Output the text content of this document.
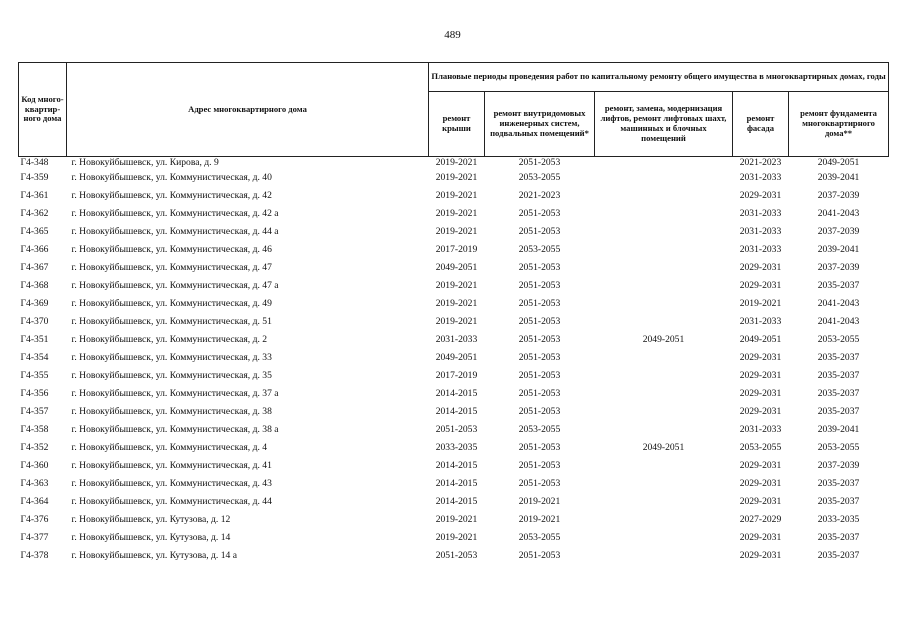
489
Код много-квартир-ного дома	Адрес многоквартирного дома	Плановые периоды проведения работ по капитальному ремонту общего имущества в многоквартирных домах, годы				
		ремонт крыши	ремонт внутридомовых инженерных систем, подвальных помещений*	ремонт, замена, модернизация лифтов, ремонт лифтовых шахт, машинных и блочных помещений	ремонт фасада	ремонт фундамента многоквартирного дома**
Г4-348	г. Новокуйбышевск, ул. Кирова, д. 9	2019-2021	2051-2053		2021-2023	2049-2051
Г4-359	г. Новокуйбышевск, ул. Коммунистическая, д. 40	2019-2021	2053-2055		2031-2033	2039-2041
Г4-361	г. Новокуйбышевск, ул. Коммунистическая, д. 42	2019-2021	2021-2023		2029-2031	2037-2039
Г4-362	г. Новокуйбышевск, ул. Коммунистическая, д. 42 а	2019-2021	2051-2053		2031-2033	2041-2043
Г4-365	г. Новокуйбышевск, ул. Коммунистическая, д. 44 а	2019-2021	2051-2053		2031-2033	2037-2039
Г4-366	г. Новокуйбышевск, ул. Коммунистическая, д. 46	2017-2019	2053-2055		2031-2033	2039-2041
Г4-367	г. Новокуйбышевск, ул. Коммунистическая, д. 47	2049-2051	2051-2053		2029-2031	2037-2039
Г4-368	г. Новокуйбышевск, ул. Коммунистическая, д. 47 а	2019-2021	2051-2053		2029-2031	2035-2037
Г4-369	г. Новокуйбышевск, ул. Коммунистическая, д. 49	2019-2021	2051-2053		2019-2021	2041-2043
Г4-370	г. Новокуйбышевск, ул. Коммунистическая, д. 51	2019-2021	2051-2053		2031-2033	2041-2043
Г4-351	г. Новокуйбышевск, ул. Коммунистическая, д. 2	2031-2033	2051-2053	2049-2051	2049-2051	2053-2055
Г4-354	г. Новокуйбышевск, ул. Коммунистическая, д. 33	2049-2051	2051-2053		2029-2031	2035-2037
Г4-355	г. Новокуйбышевск, ул. Коммунистическая, д. 35	2017-2019	2051-2053		2029-2031	2035-2037
Г4-356	г. Новокуйбышевск, ул. Коммунистическая, д. 37 а	2014-2015	2051-2053		2029-2031	2035-2037
Г4-357	г. Новокуйбышевск, ул. Коммунистическая, д. 38	2014-2015	2051-2053		2029-2031	2035-2037
Г4-358	г. Новокуйбышевск, ул. Коммунистическая, д. 38 а	2051-2053	2053-2055		2031-2033	2039-2041
Г4-352	г. Новокуйбышевск, ул. Коммунистическая, д. 4	2033-2035	2051-2053	2049-2051	2053-2055	2053-2055
Г4-360	г. Новокуйбышевск, ул. Коммунистическая, д. 41	2014-2015	2051-2053		2029-2031	2037-2039
Г4-363	г. Новокуйбышевск, ул. Коммунистическая, д. 43	2014-2015	2051-2053		2029-2031	2035-2037
Г4-364	г. Новокуйбышевск, ул. Коммунистическая, д. 44	2014-2015	2019-2021		2029-2031	2035-2037
Г4-376	г. Новокуйбышевск, ул. Кутузова, д. 12	2019-2021	2019-2021		2027-2029	2033-2035
Г4-377	г. Новокуйбышевск, ул. Кутузова, д. 14	2019-2021	2053-2055		2029-2031	2035-2037
Г4-378	г. Новокуйбышевск, ул. Кутузова, д. 14 а	2051-2053	2051-2053		2029-2031	2035-2037
